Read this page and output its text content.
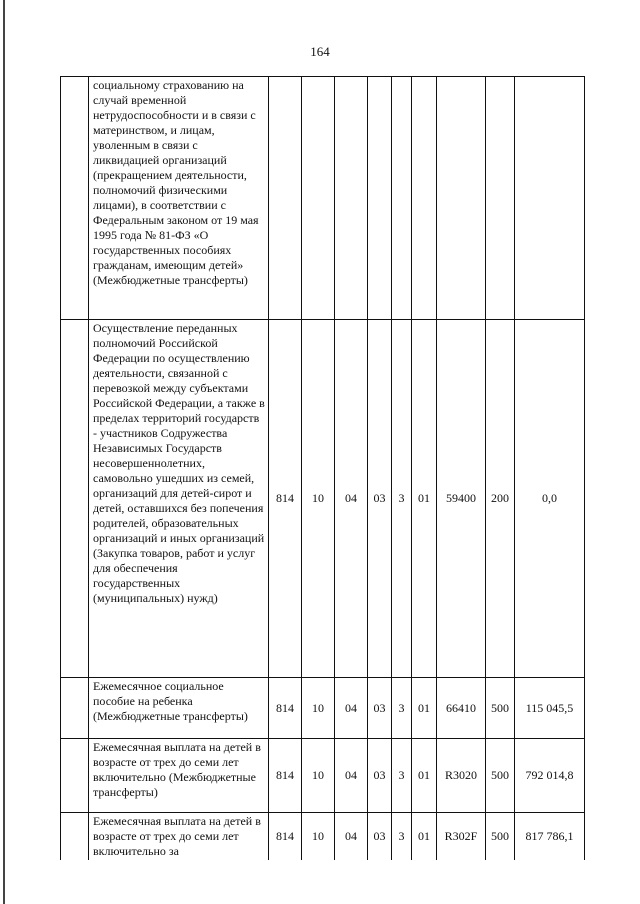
164
	социальному страхованию на случай временной нетрудоспособности и в связи с материнством, и лицам, уволенным в связи с ликвидацией организаций (прекращением деятельности, полномочий физическими лицами), в соответствии с Федеральным законом от 19 мая 1995 года № 81-ФЗ «О государственных пособиях гражданам, имеющим детей» (Межбюджетные трансферты)									
	Осуществление переданных полномочий Российской Федерации по осуществлению деятельности, связанной с перевозкой между субъектами Российской Федерации, а также в пределах территорий государств - участников Содружества Независимых Государств несовершеннолетних, самовольно ушедших из семей, организаций для детей-сирот и детей, оставшихся без попечения родителей, образовательных организаций и иных организаций (Закупка товаров, работ и услуг для обеспечения государственных (муниципальных) нужд)	814	10	04	03	3	01	59400	200	0,0
	Ежемесячное социальное пособие на ребенка (Межбюджетные трансферты)	814	10	04	03	3	01	66410	500	115 045,5
	Ежемесячная выплата на детей в возрасте от трех до семи лет включительно (Межбюджетные трансферты)	814	10	04	03	3	01	R3020	500	792 014,8
	Ежемесячная выплата на детей в возрасте от трех до семи лет включительно за	814	10	04	03	3	01	R302F	500	817 786,1
